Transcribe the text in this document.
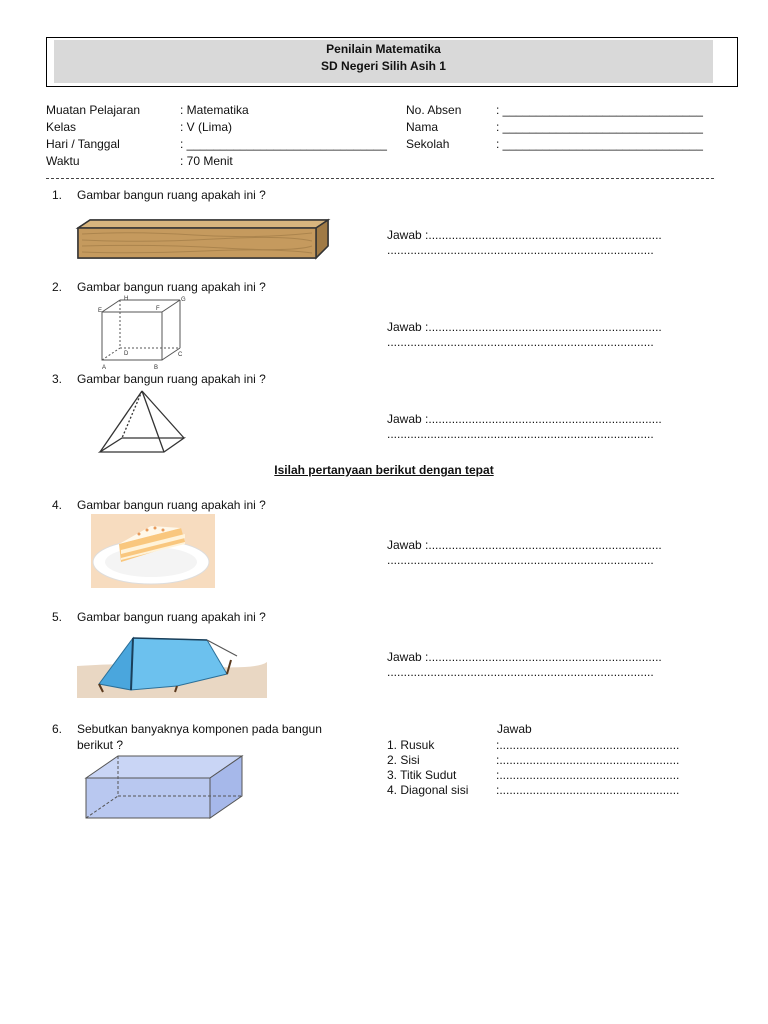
Penilain Matematika
SD Negeri Silih Asih 1
Muatan Pelajaran	: Matematika
Kelas	: V (Lima)
Hari / Tanggal	: ______________________________
Waktu	: 70 Menit
No. Absen	: ______________________________
Nama	: ______________________________
Sekolah	: ______________________________
1. Gambar bangun ruang apakah ini ?
Jawab :......................................................................
................................................................................
2. Gambar bangun ruang apakah ini ?
H	G
E	F
D	C
A	B
Jawab :......................................................................
................................................................................
3. Gambar bangun ruang apakah ini ?
Jawab :......................................................................
................................................................................
Isilah pertanyaan berikut dengan tepat
4. Gambar bangun ruang apakah ini ?
Jawab :......................................................................
................................................................................
5. Gambar bangun ruang apakah ini ?
Jawab :......................................................................
................................................................................
6. Sebutkan banyaknya komponen pada bangun
berikut ?
Jawab
1. Rusuk	:......................................................
2. Sisi	:......................................................
3. Titik Sudut	:......................................................
4. Diagonal sisi :......................................................
